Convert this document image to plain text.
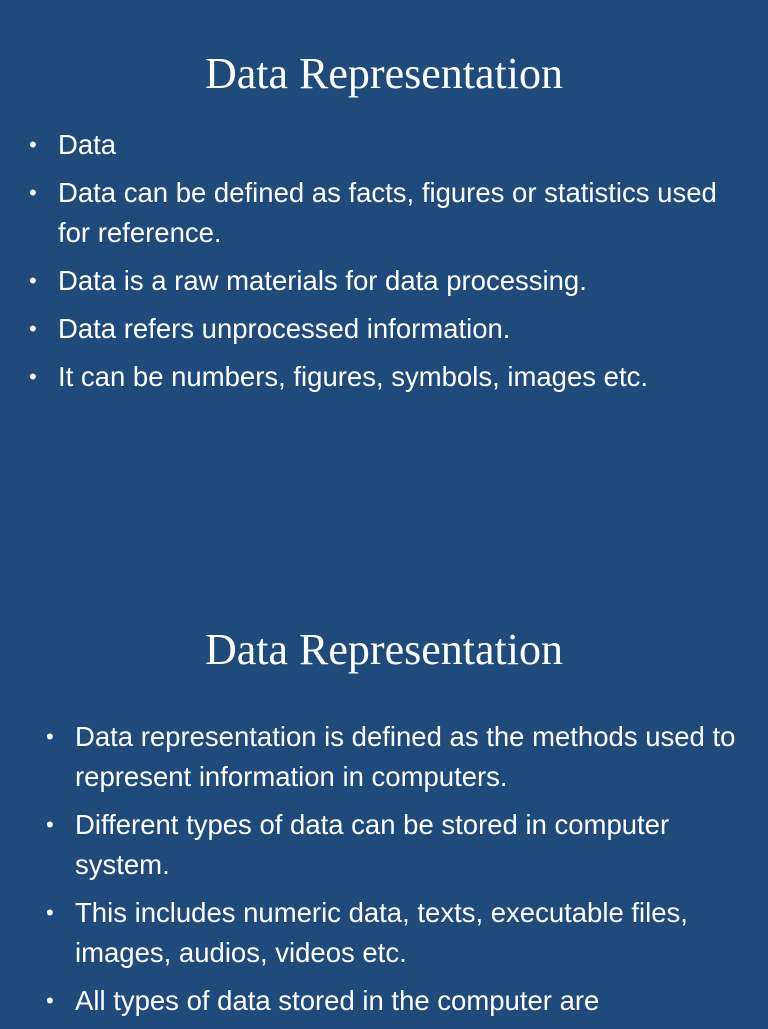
Data Representation
• Data
• Data can be defined as facts, figures or statistics used for reference.
• Data is a raw materials for data processing.
• Data refers unprocessed information.
• It can be numbers, figures, symbols, images etc.
Data Representation
• Data representation is defined as the methods used to represent information in computers.
• Different types of data can be stored in computer system.
• This includes numeric data, texts, executable files, images, audios, videos etc.
• All types of data stored in the computer are
